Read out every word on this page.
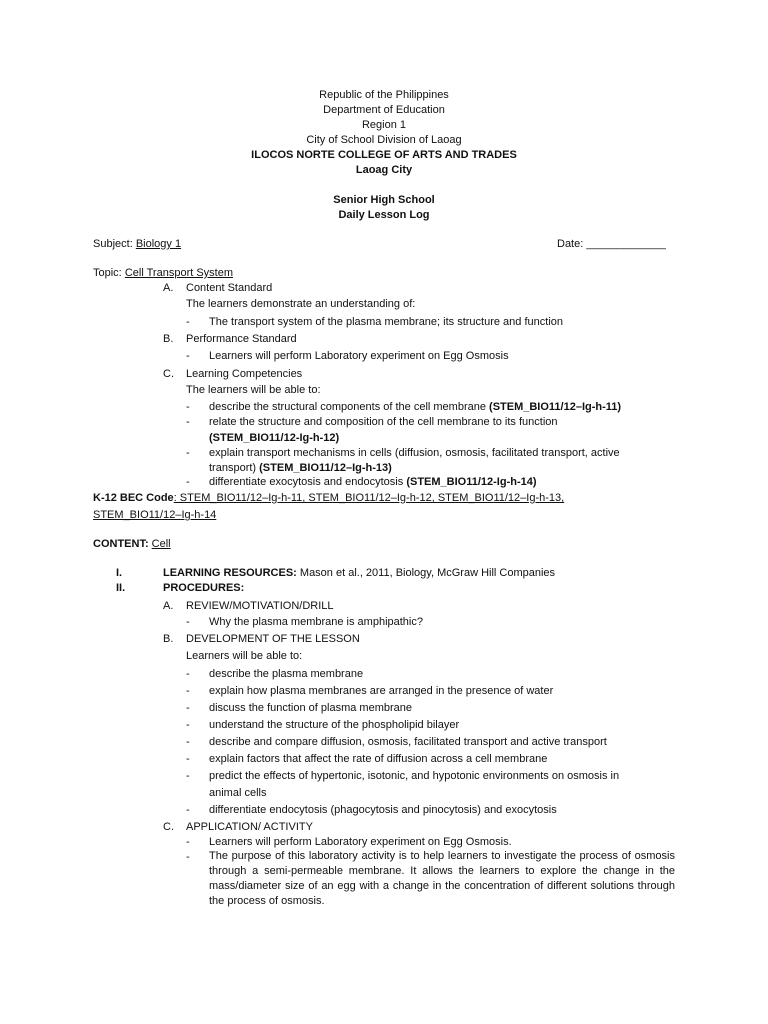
Republic of the Philippines
Department of Education
Region 1
City of School Division of Laoag
ILOCOS NORTE COLLEGE OF ARTS AND TRADES
Laoag City
Senior High School
Daily Lesson Log
Subject: Biology 1	Date: _____________
Topic: Cell Transport System
A. Content Standard
The learners demonstrate an understanding of:
-	The transport system of the plasma membrane; its structure and function
B. Performance Standard
-	Learners will perform Laboratory experiment on Egg Osmosis
C. Learning Competencies
The learners will be able to:
-	describe the structural components of the cell membrane (STEM_BIO11/12–Ig-h-11)
-	relate the structure and composition of the cell membrane to its function
(STEM_BIO11/12-Ig-h-12)
-	explain transport mechanisms in cells (diffusion, osmosis, facilitated transport, active
transport) (STEM_BIO11/12–Ig-h-13)
-	differentiate exocytosis and endocytosis (STEM_BIO11/12-Ig-h-14)
K-12 BEC Code: STEM_BIO11/12–Ig-h-11, STEM_BIO11/12–Ig-h-12, STEM_BIO11/12–Ig-h-13,
STEM_BIO11/12–Ig-h-14
CONTENT: Cell
I.	LEARNING RESOURCES: Mason et al., 2011, Biology, McGraw Hill Companies
II.	PROCEDURES:
A. REVIEW/MOTIVATION/DRILL
-	Why the plasma membrane is amphipathic?
B. DEVELOPMENT OF THE LESSON
Learners will be able to:
-	describe the plasma membrane
-	explain how plasma membranes are arranged in the presence of water
-	discuss the function of plasma membrane
-	understand the structure of the phospholipid bilayer
-	describe and compare diffusion, osmosis, facilitated transport and active transport
-	explain factors that affect the rate of diffusion across a cell membrane
-	predict the effects of hypertonic, isotonic, and hypotonic environments on osmosis in
animal cells
-	differentiate endocytosis (phagocytosis and pinocytosis) and exocytosis
C. APPLICATION/ ACTIVITY
-	Learners will perform Laboratory experiment on Egg Osmosis.
-	The purpose of this laboratory activity is to help learners to investigate the process of osmosis through a semi-permeable membrane. It allows the learners to explore the change in the mass/diameter size of an egg with a change in the concentration of different solutions through the process of osmosis.
